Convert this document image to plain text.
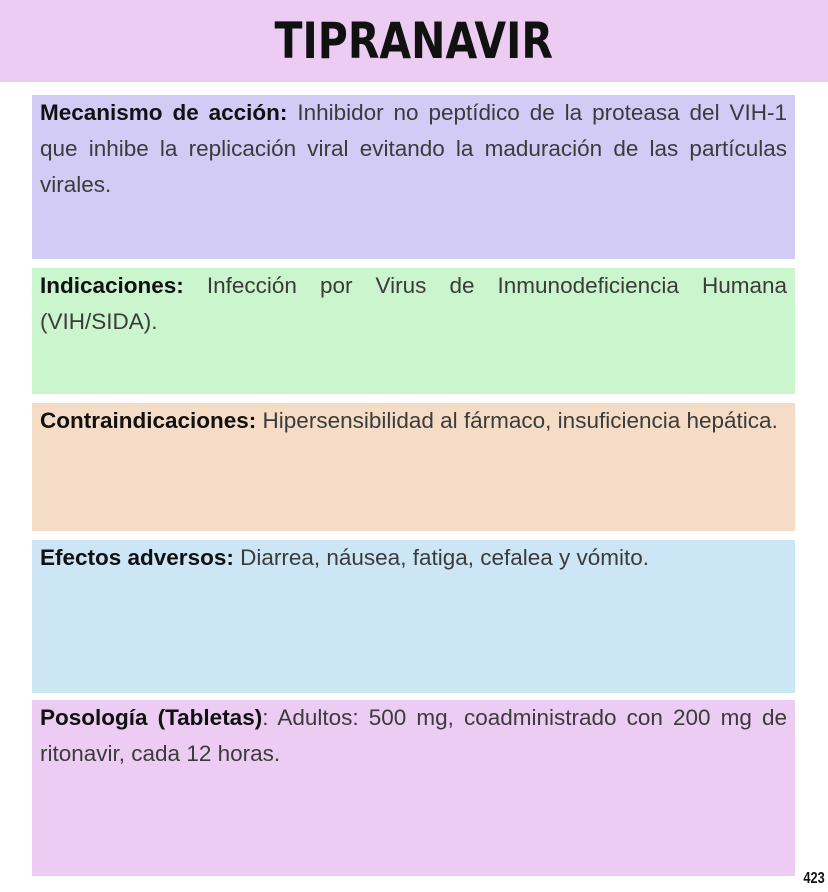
TIPRANAVIR
Mecanismo de acción: Inhibidor no peptídico de la proteasa del VIH-1 que inhibe la replicación viral evitando la maduración de las partículas virales.
Indicaciones: Infección por Virus de Inmunodeficiencia Humana (VIH/SIDA).
Contraindicaciones: Hipersensibilidad al fármaco, insuficiencia hepática.
Efectos adversos: Diarrea, náusea, fatiga, cefalea y vómito.
Posología (Tabletas): Adultos: 500 mg, coadministrado con 200 mg de ritonavir, cada 12 horas.
423
